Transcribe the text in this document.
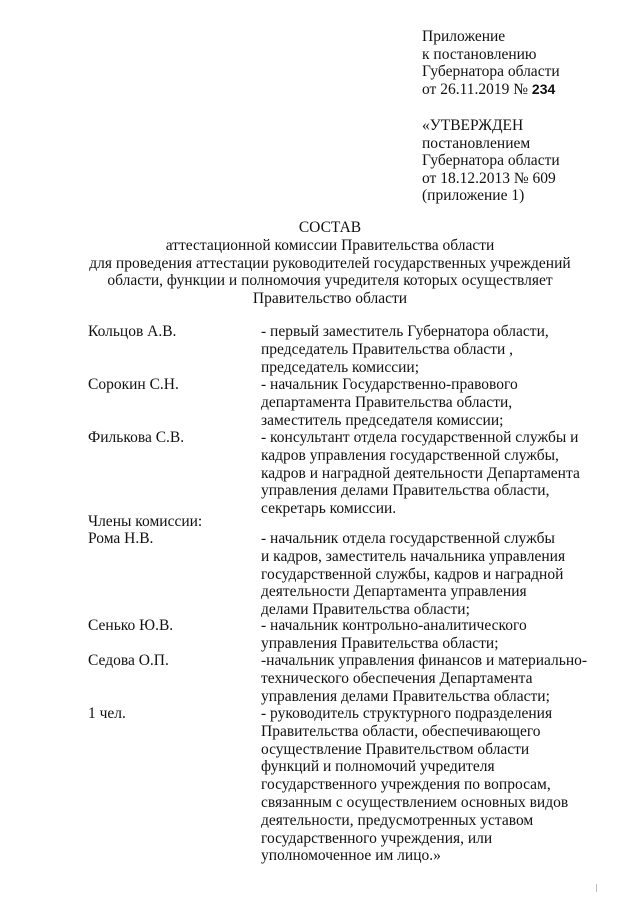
Приложение
к постановлению
Губернатора области
от 26.11.2019 № 234
«УТВЕРЖДЕН
постановлением
Губернатора области
от 18.12.2013 № 609
(приложение 1)
СОСТАВ
аттестационной комиссии Правительства области
для проведения аттестации руководителей государственных учреждений
области, функции и полномочия учредителя которых осуществляет
Правительство области
Кольцов А.В.	- первый заместитель Губернатора области,
председатель Правительства области ,
председатель комиссии;
Сорокин С.Н.	- начальник Государственно-правового
департамента Правительства области,
заместитель председателя комиссии;
Филькова С.В.	- консультант отдела государственной службы и
кадров управления государственной службы,
кадров и наградной деятельности Департамента
управления делами Правительства области,
секретарь комиссии.
Члены комиссии:
Рома Н.В.	- начальник отдела государственной службы
и кадров, заместитель начальника управления
государственной службы, кадров и наградной
деятельности Департамента управления
делами Правительства области;
Сенько Ю.В.	- начальник контрольно-аналитического
управления Правительства области;
Седова О.П.	-начальник управления финансов и материально-
технического обеспечения Департамента
управления делами Правительства области;
1 чел.	- руководитель структурного подразделения
Правительства области, обеспечивающего
осуществление Правительством области
функций и полномочий учредителя
государственного учреждения по вопросам,
связанным с осуществлением основных видов
деятельности, предусмотренных уставом
государственного учреждения, или
уполномоченное им лицо.»
